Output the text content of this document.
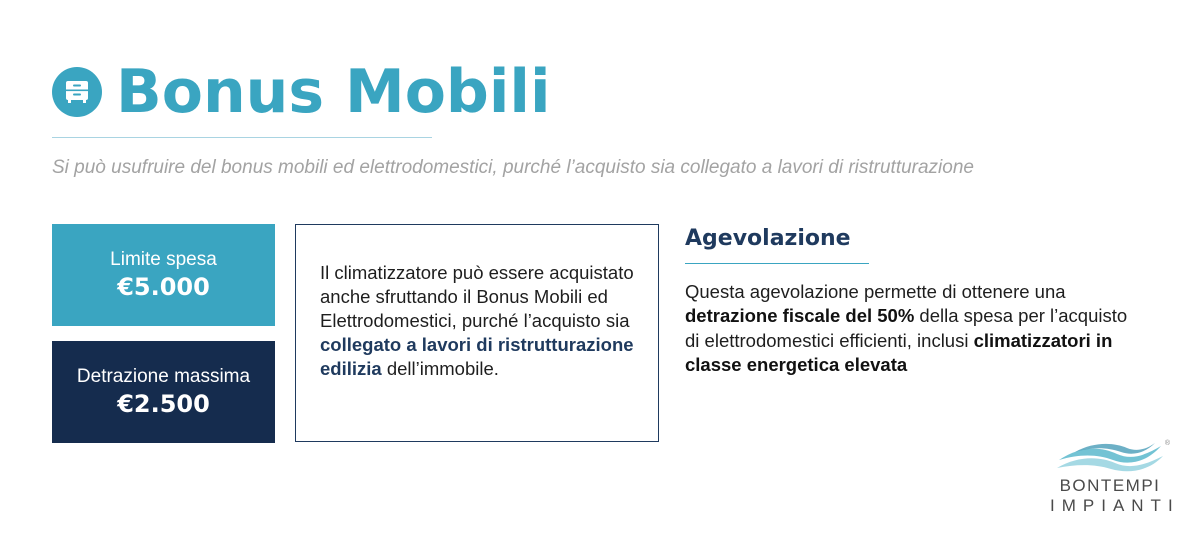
Bonus Mobili
Si può usufruire del bonus mobili ed elettrodomestici, purché l’acquisto sia collegato a lavori di ristrutturazione
Limite spesa
€5.000
Detrazione massima
€2.500
Il climatizzatore può essere acquistato anche sfruttando il Bonus Mobili ed Elettrodomestici, purché l’acquisto sia collegato a lavori di ristrutturazione edilizia dell’immobile.
Agevolazione
Questa agevolazione permette di ottenere una detrazione fiscale del 50% della spesa per l’acquisto di elettrodomestici efficienti, inclusi climatizzatori in classe energetica elevata
®
BONTEMPI
IMPIANTI
